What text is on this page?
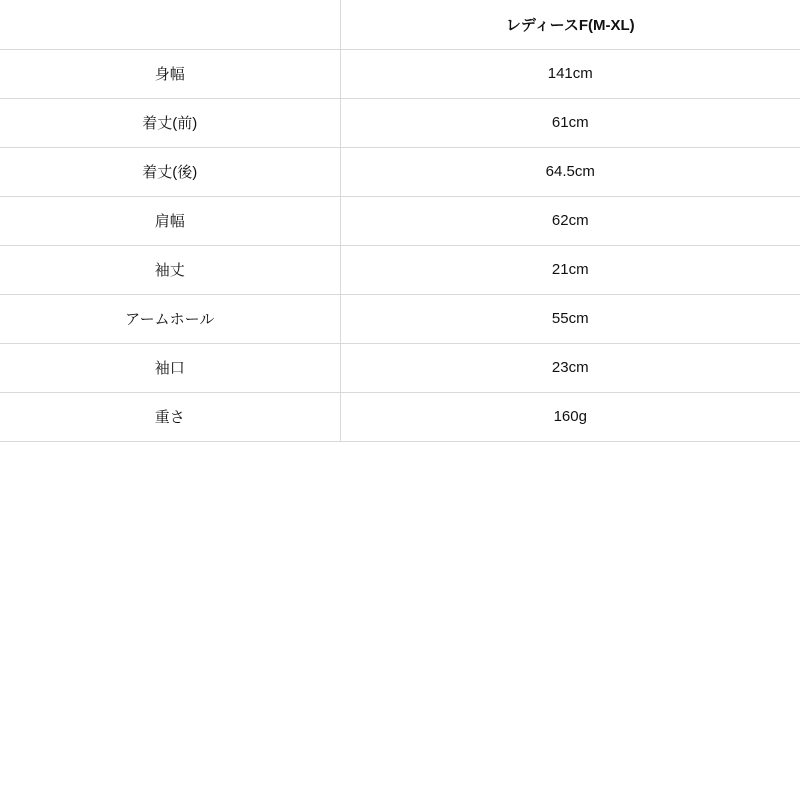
	レディースF(M-XL)
身幅	141cm
着丈(前)	61cm
着丈(後)	64.5cm
肩幅	62cm
袖丈	21cm
アームホール	55cm
袖口	23cm
重さ	160g
